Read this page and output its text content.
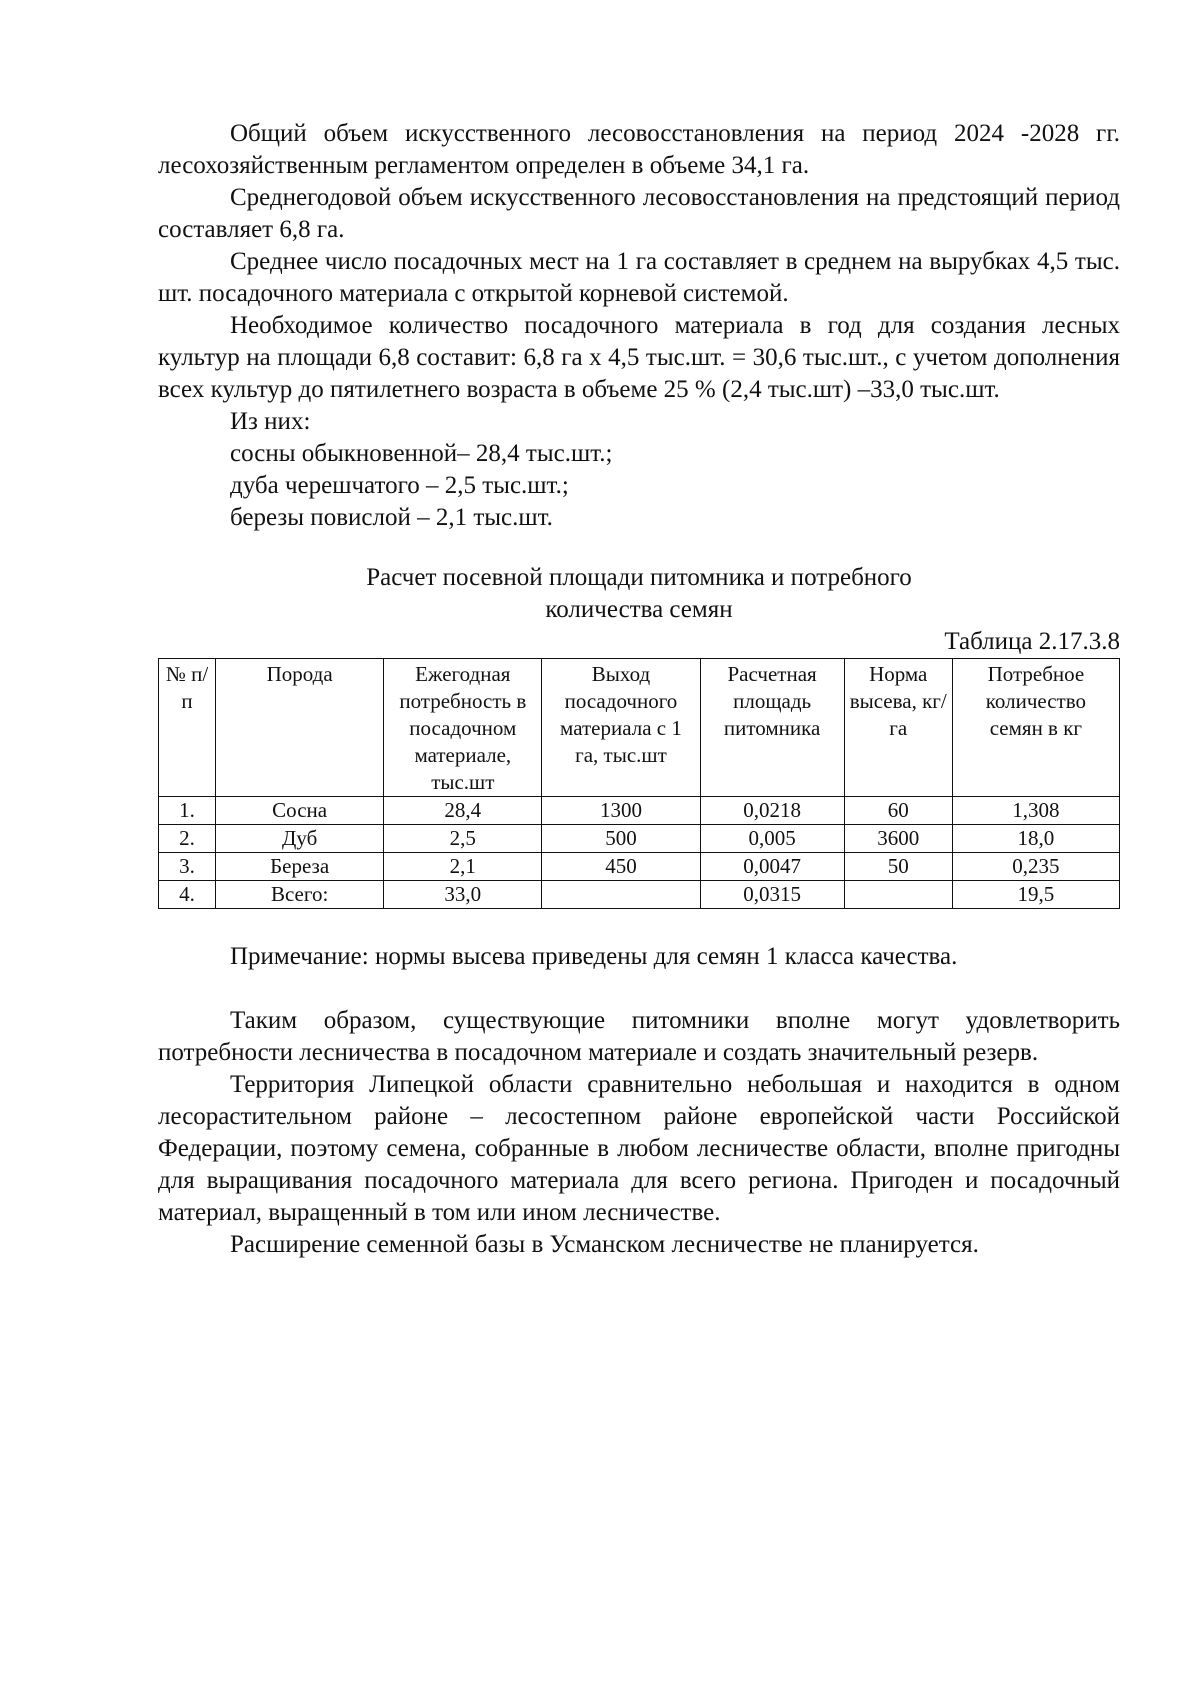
Общий объем искусственного лесовосстановления на период 2024 -2028 гг. лесохозяйственным регламентом определен в объеме 34,1 га.

Среднегодовой объем искусственного лесовосстановления на предстоящий период составляет 6,8 га.

Среднее число посадочных мест на 1 га составляет в среднем на вырубках 4,5 тыс. шт. посадочного материала с открытой корневой системой.

Необходимое количество посадочного материала в год для создания лесных культур на площади 6,8 составит: 6,8 га х 4,5 тыс.шт. = 30,6 тыс.шт., с учетом дополнения всех культур до пятилетнего возраста в объеме 25 % (2,4 тыс.шт) –33,0 тыс.шт.

Из них:

сосны обыкновенной– 28,4 тыс.шт.;

дуба черешчатого – 2,5 тыс.шт.;

березы повислой – 2,1 тыс.шт.

Расчет посевной площади питомника и потребного
количества семян
Таблица 2.17.3.8
№ п/п	Порода	Ежегодная потребность в посадочном материале, тыс.шт	Выход посадочного материала с 1 га, тыс.шт	Расчетная площадь питомника	Норма высева, кг/га	Потребное количество семян в кг
1.	Сосна	28,4	1300	0,0218	60	1,308
2.	Дуб	2,5	500	0,005	3600	18,0
3.	Береза	2,1	450	0,0047	50	0,235
4.	Всего:	33,0		0,0315		19,5

Примечание: нормы высева приведены для семян 1 класса качества.

Таким образом, существующие питомники вполне могут удовлетворить потребности лесничества в посадочном материале и создать значительный резерв.

Территория Липецкой области сравнительно небольшая и находится в одном лесорастительном районе – лесостепном районе европейской части Российской Федерации, поэтому семена, собранные в любом лесничестве области, вполне пригодны для выращивания посадочного материала для всего региона. Пригоден и посадочный материал, выращенный в том или ином лесничестве.

Расширение семенной базы в Усманском лесничестве не планируется.
